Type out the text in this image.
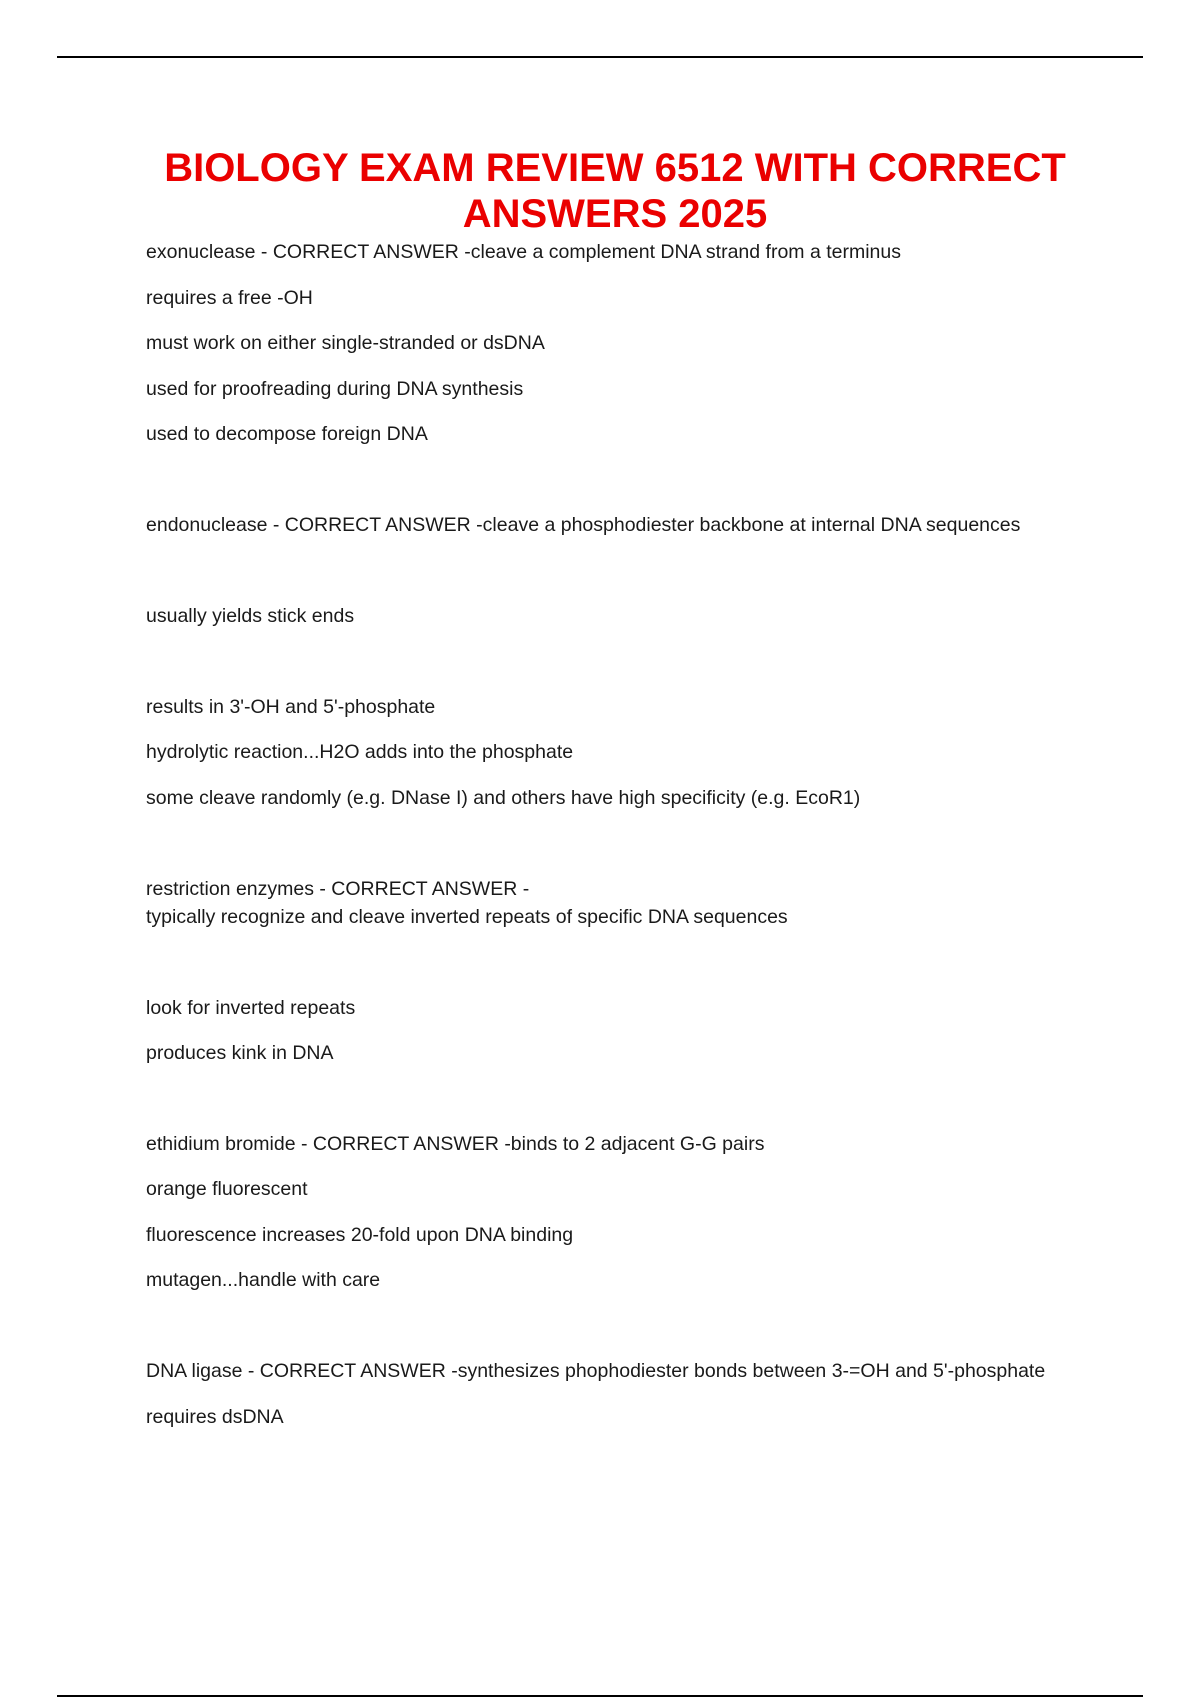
BIOLOGY EXAM REVIEW 6512 WITH CORRECT
ANSWERS 2025
exonuclease - CORRECT ANSWER -cleave a complement DNA strand from a terminus
requires a free -OH
must work on either single-stranded or dsDNA
used for proofreading during DNA synthesis
used to decompose foreign DNA
endonuclease - CORRECT ANSWER -cleave a phosphodiester backbone at internal DNA sequences
usually yields stick ends
results in 3'-OH and 5'-phosphate
hydrolytic reaction...H2O adds into the phosphate
some cleave randomly (e.g. DNase I) and others have high specificity (e.g. EcoR1)
restriction enzymes - CORRECT ANSWER -
typically recognize and cleave inverted repeats of specific DNA sequences
look for inverted repeats
produces kink in DNA
ethidium bromide - CORRECT ANSWER -binds to 2 adjacent G-G pairs
orange fluorescent
fluorescence increases 20-fold upon DNA binding
mutagen...handle with care
DNA ligase - CORRECT ANSWER -synthesizes phophodiester bonds between 3-=OH and 5'-phosphate
requires dsDNA
